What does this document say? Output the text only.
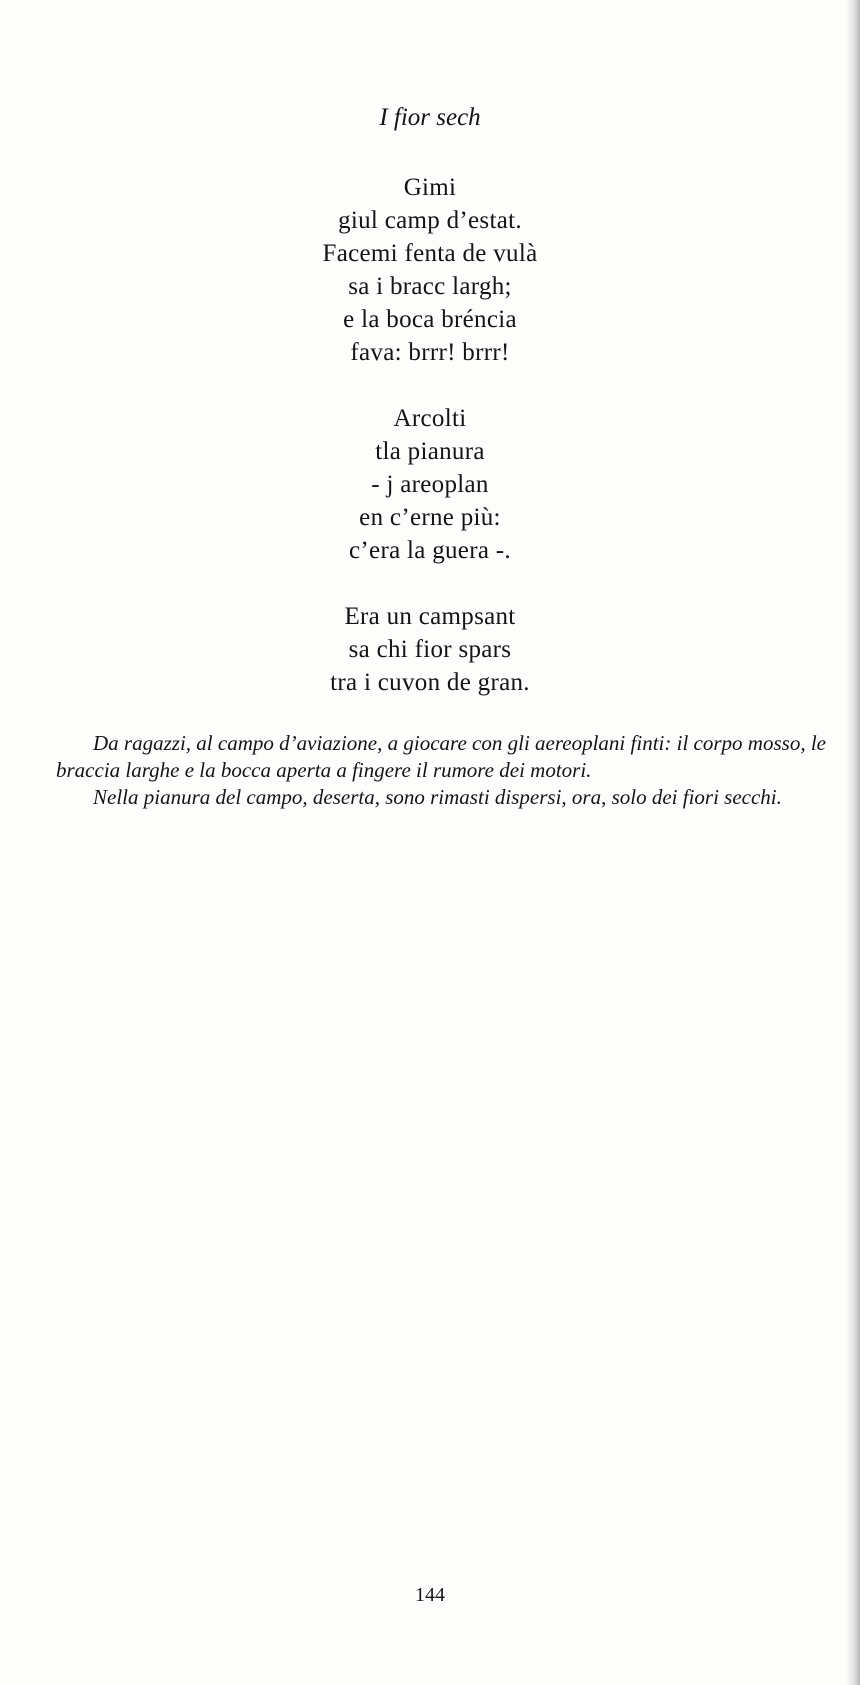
I fior sech
Gimi
giul camp d’estat.
Facemi fenta de vulà
sa i bracc largh;
e la boca bréncia
fava: brrr! brrr!
Arcolti
tla pianura
- j areoplan
en c’erne più:
c’era la guera -.
Era un campsant
sa chi fior spars
tra i cuvon de gran.

Da ragazzi, al campo d’aviazione, a giocare con gli aereoplani finti: il corpo mosso, le braccia larghe e la bocca aperta a fingere il rumore dei motori.

Nella pianura del campo, deserta, sono rimasti dispersi, ora, solo dei fiori secchi.

144
